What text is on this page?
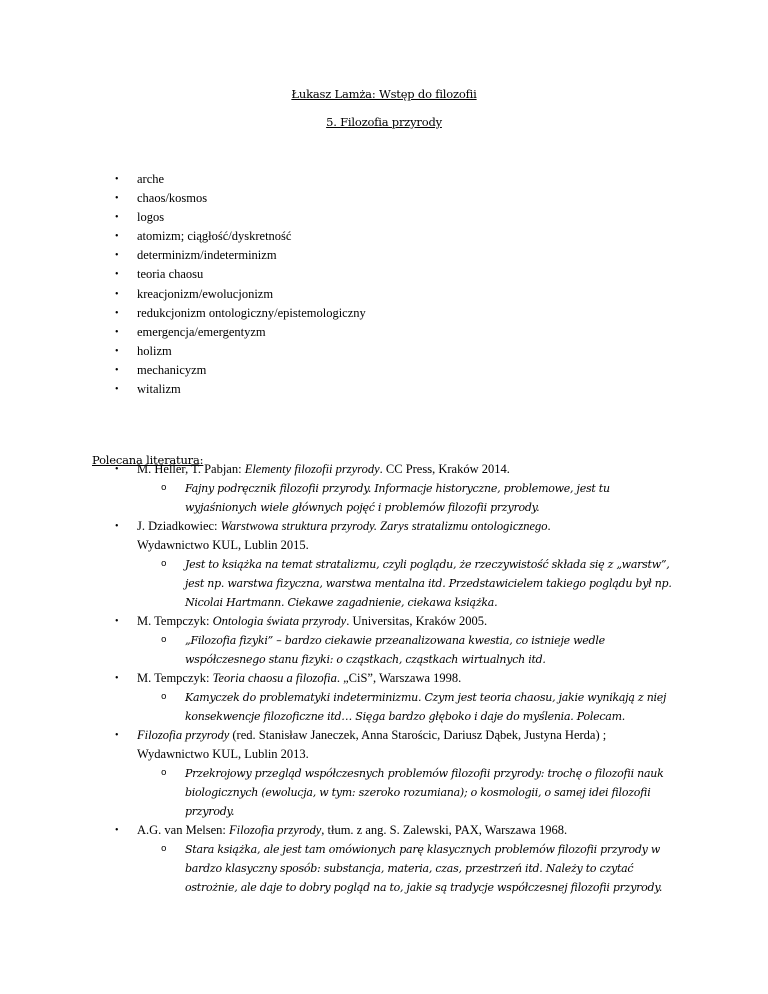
Łukasz Lamża: Wstęp do filozofii
5. Filozofia przyrody
• arche
• chaos/kosmos
• logos
• atomizm; ciągłość/dyskretność
• determinizm/indeterminizm
• teoria chaosu
• kreacjonizm/ewolucjonizm
• redukcjonizm ontologiczny/epistemologiczny
• emergencja/emergentyzm
• holizm
• mechanicyzm
• witalizm
Polecana literatura:
• M. Heller, T. Pabjan: Elementy filozofii przyrody. CC Press, Kraków 2014.
o Fajny podręcznik filozofii przyrody. Informacje historyczne, problemowe, jest tu wyjaśnionych wiele głównych pojęć i problemów filozofii przyrody.
• J. Dziadkowiec: Warstwowa struktura przyrody. Zarys stratalizmu ontologicznego. Wydawnictwo KUL, Lublin 2015.
o Jest to książka na temat stratalizmu, czyli poglądu, że rzeczywistość składa się z „warstw”, jest np. warstwa fizyczna, warstwa mentalna itd. Przedstawicielem takiego poglądu był np. Nicolai Hartmann. Ciekawe zagadnienie, ciekawa książka.
• M. Tempczyk: Ontologia świata przyrody. Universitas, Kraków 2005.
o „Filozofia fizyki” – bardzo ciekawie przeanalizowana kwestia, co istnieje wedle współczesnego stanu fizyki: o cząstkach, cząstkach wirtualnych itd.
• M. Tempczyk: Teoria chaosu a filozofia. „CiS”, Warszawa 1998.
o Kamyczek do problematyki indeterminizmu. Czym jest teoria chaosu, jakie wynikają z niej konsekwencje filozoficzne itd… Sięga bardzo głęboko i daje do myślenia. Polecam.
• Filozofia przyrody (red. Stanisław Janeczek, Anna Starościc, Dariusz Dąbek, Justyna Herda) ; Wydawnictwo KUL, Lublin 2013.
o Przekrojowy przegląd współczesnych problemów filozofii przyrody: trochę o filozofii nauk biologicznych (ewolucja, w tym: szeroko rozumiana); o kosmologii, o samej idei filozofii przyrody.
• A.G. van Melsen: Filozofia przyrody, tłum. z ang. S. Zalewski, PAX, Warszawa 1968.
o Stara książka, ale jest tam omówionych parę klasycznych problemów filozofii przyrody w bardzo klasyczny sposób: substancja, materia, czas, przestrzeń itd. Należy to czytać ostrożnie, ale daje to dobry pogląd na to, jakie są tradycje współczesnej filozofii przyrody.
